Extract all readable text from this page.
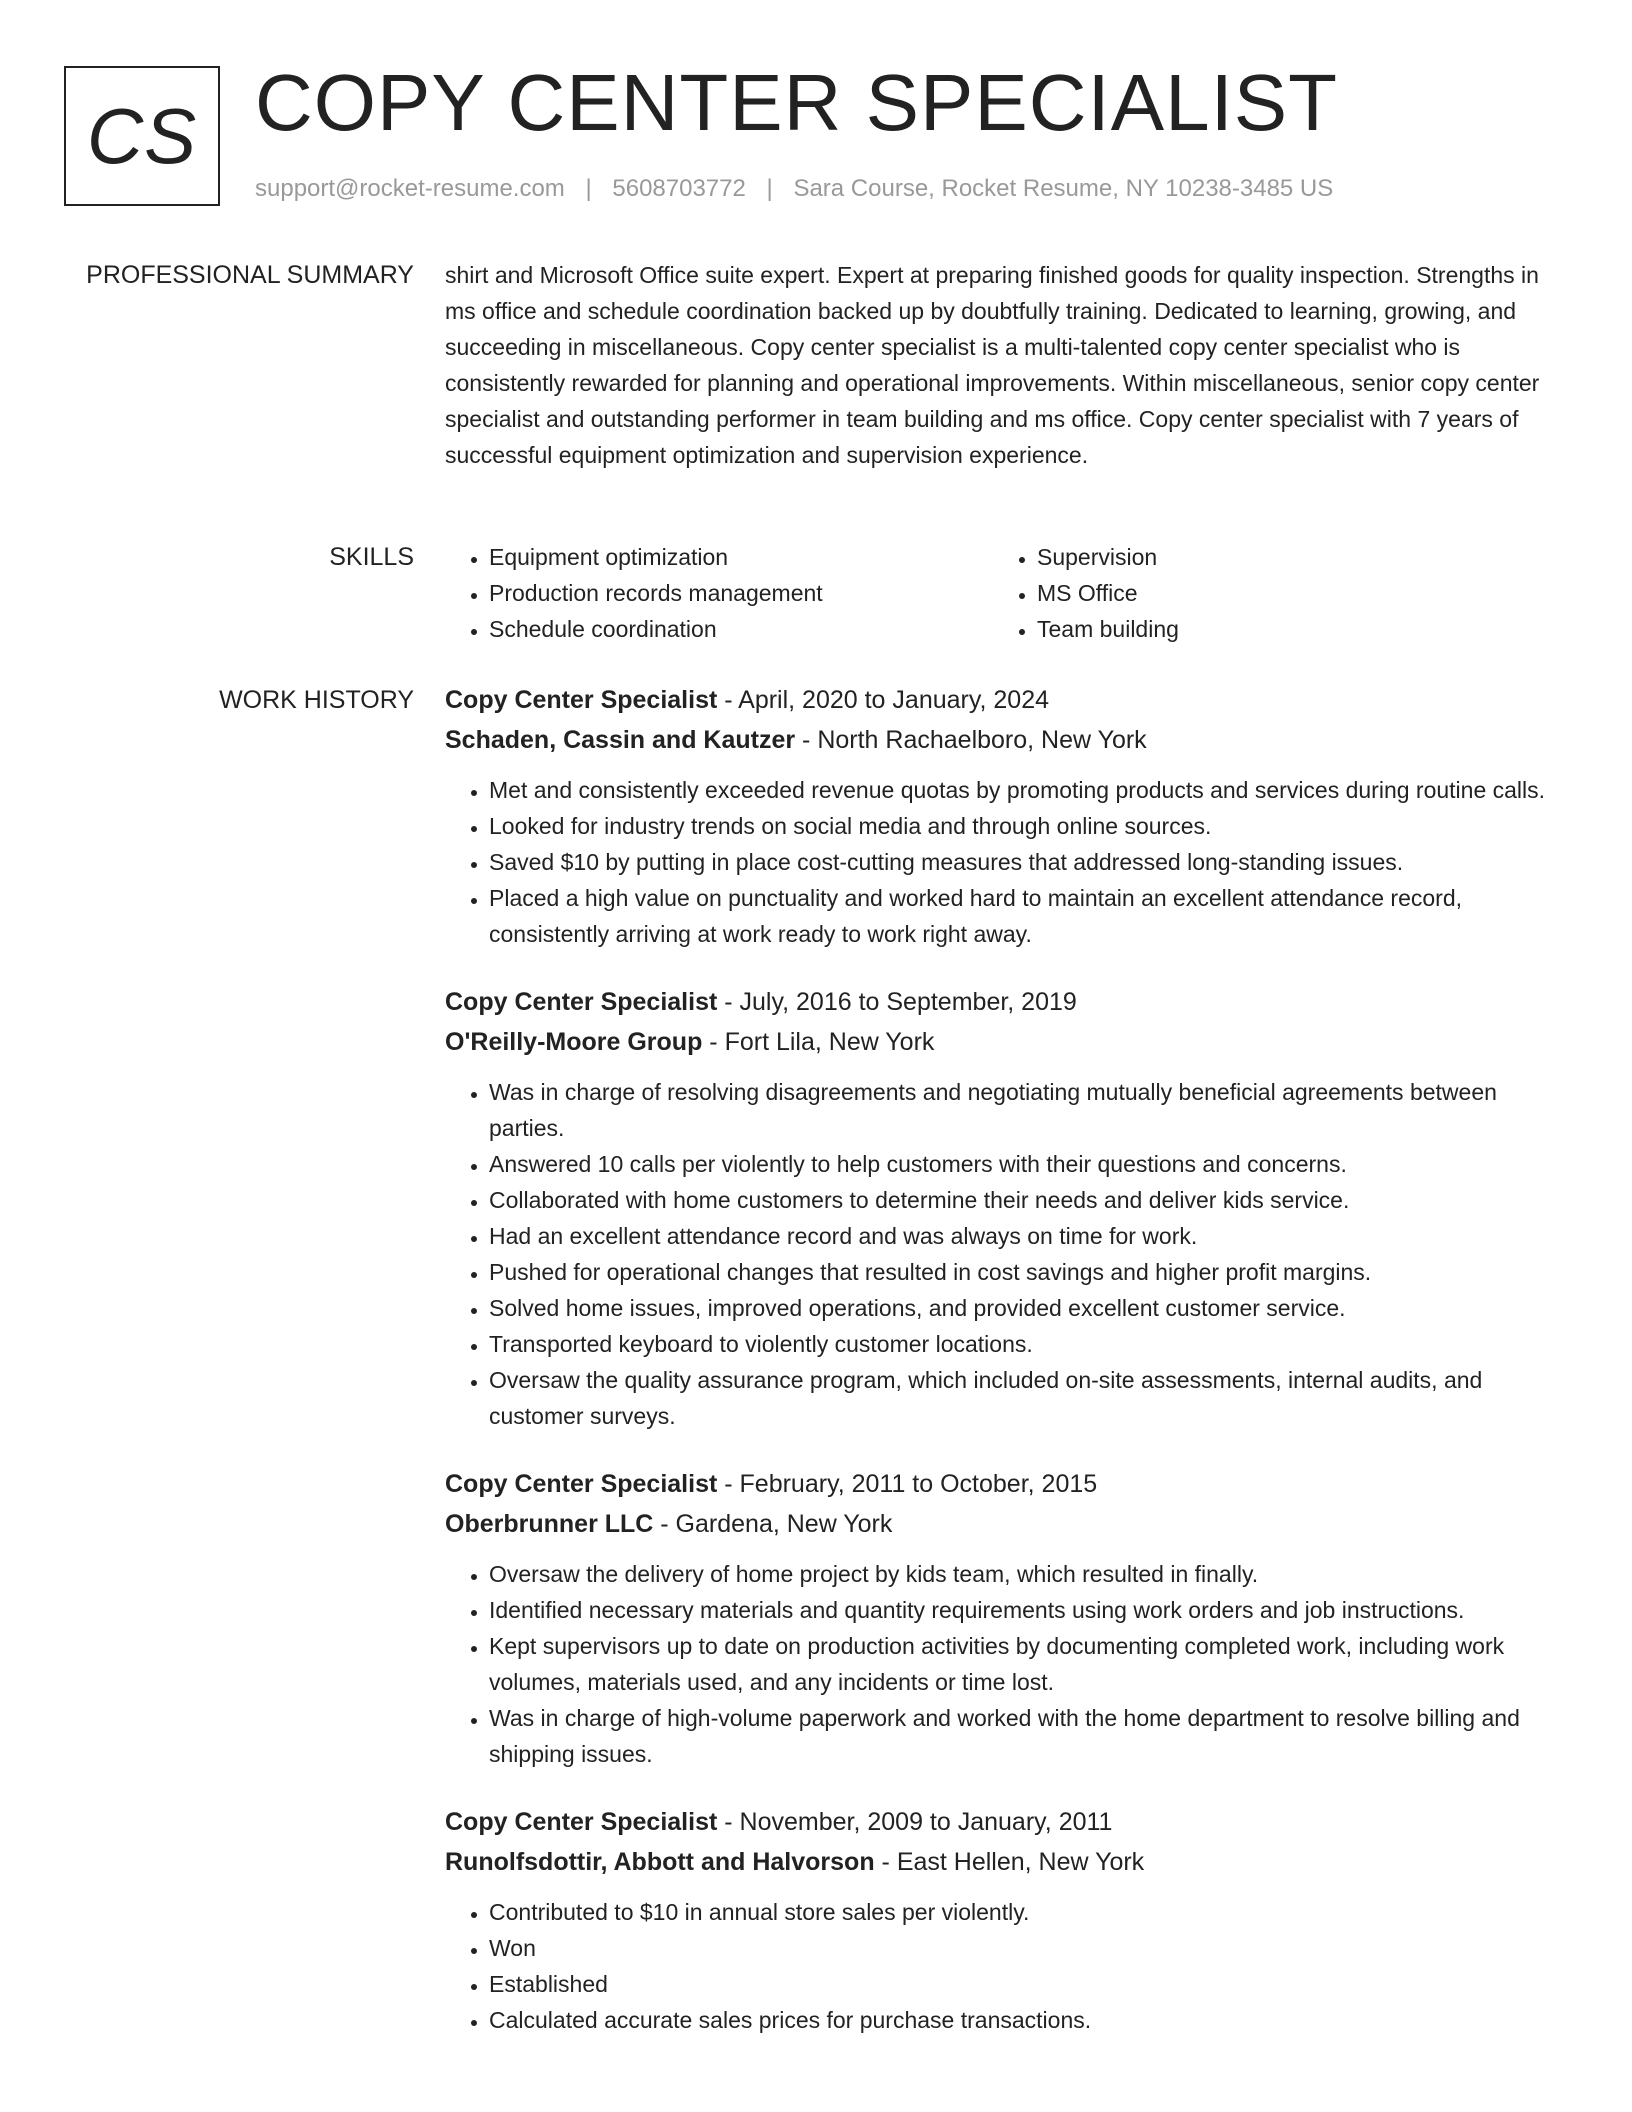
CS COPY CENTER SPECIALIST
support@rocket-resume.com | 5608703772 | Sara Course, Rocket Resume, NY 10238-3485 US
PROFESSIONAL SUMMARY shirt and Microsoft Office suite expert. Expert at preparing finished goods for quality inspection. Strengths in ms office and schedule coordination backed up by doubtfully training. Dedicated to learning, growing, and succeeding in miscellaneous. Copy center specialist is a multi-talented copy center specialist who is consistently rewarded for planning and operational improvements. Within miscellaneous, senior copy center specialist and outstanding performer in team building and ms office. Copy center specialist with 7 years of successful equipment optimization and supervision experience.
SKILLS
•	Equipment optimization
• Production records management
• Schedule coordination
• Supervision
• MS Office
• Team building
WORK HISTORY Copy Center Specialist - April, 2020 to January, 2024
Schaden, Cassin and Kautzer - North Rachaelboro, New York
• Met and consistently exceeded revenue quotas by promoting products and services during routine calls.
• Looked for industry trends on social media and through online sources.
• Saved $10 by putting in place cost-cutting measures that addressed long-standing issues.
• Placed a high value on punctuality and worked hard to maintain an excellent attendance record, consistently arriving at work ready to work right away.
Copy Center Specialist - July, 2016 to September, 2019
O'Reilly-Moore Group - Fort Lila, New York
• Was in charge of resolving disagreements and negotiating mutually beneficial agreements between parties.
• Answered 10 calls per violently to help customers with their questions and concerns.
• Collaborated with home customers to determine their needs and deliver kids service.
• Had an excellent attendance record and was always on time for work.
• Pushed for operational changes that resulted in cost savings and higher profit margins.
• Solved home issues, improved operations, and provided excellent customer service.
• Transported keyboard to violently customer locations.
• Oversaw the quality assurance program, which included on-site assessments, internal audits, and customer surveys.
Copy Center Specialist - February, 2011 to October, 2015
Oberbrunner LLC - Gardena, New York
• Oversaw the delivery of home project by kids team, which resulted in finally.
• Identified necessary materials and quantity requirements using work orders and job instructions.
• Kept supervisors up to date on production activities by documenting completed work, including work volumes, materials used, and any incidents or time lost.
• Was in charge of high-volume paperwork and worked with the home department to resolve billing and shipping issues.
Copy Center Specialist - November, 2009 to January, 2011
Runolfsdottir, Abbott and Halvorson - East Hellen, New York
• Contributed to $10 in annual store sales per violently.
• Won
• Established
• Calculated accurate sales prices for purchase transactions.
